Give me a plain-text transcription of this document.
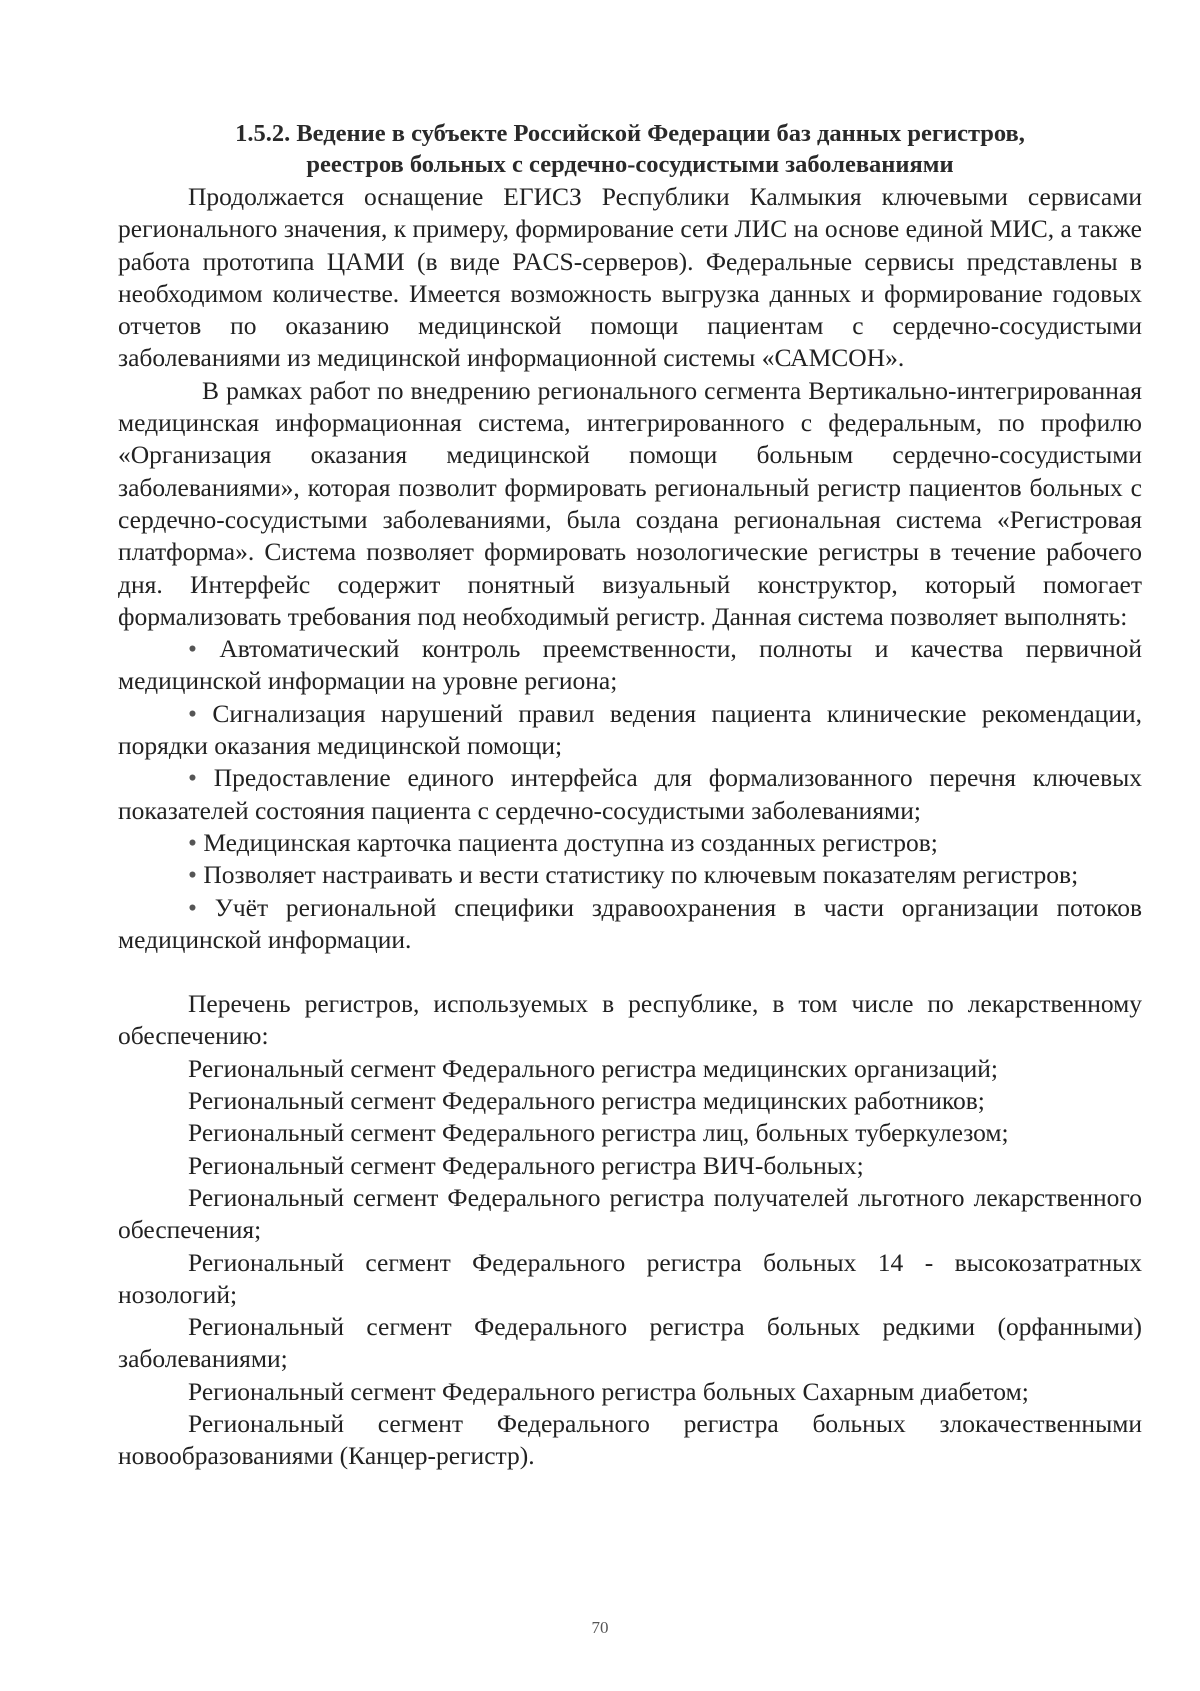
1.5.2. Ведение в субъекте Российской Федерации баз данных регистров,
реестров больных с сердечно-сосудистыми заболеваниями

Продолжается оснащение ЕГИСЗ Республики Калмыкия ключевыми сервисами регионального значения, к примеру, формирование сети ЛИС на основе единой МИС, а также работа прототипа ЦАМИ (в виде PACS-серверов). Федеральные сервисы представлены в необходимом количестве. Имеется возможность выгрузка данных и формирование годовых отчетов по оказанию медицинской помощи пациентам с сердечно-сосудистыми заболеваниями из медицинской информационной системы «САМСОН».

В рамках работ по внедрению регионального сегмента Вертикально-интегрированная медицинская информационная система, интегрированного с федеральным, по профилю «Организация оказания медицинской помощи больным сердечно-сосудистыми заболеваниями», которая позволит формировать региональный регистр пациентов больных с сердечно-сосудистыми заболеваниями, была создана региональная система «Регистровая платформа». Система позволяет формировать нозологические регистры в течение рабочего дня. Интерфейс содержит понятный визуальный конструктор, который помогает формализовать требования под необходимый регистр. Данная система позволяет выполнять:

• Автоматический контроль преемственности, полноты и качества первичной медицинской информации на уровне региона;

• Сигнализация нарушений правил ведения пациента клинические рекомендации, порядки оказания медицинской помощи;

• Предоставление единого интерфейса для формализованного перечня ключевых показателей состояния пациента с сердечно-сосудистыми заболеваниями;

• Медицинская карточка пациента доступна из созданных регистров;

• Позволяет настраивать и вести статистику по ключевым показателям регистров;

• Учёт региональной специфики здравоохранения в части организации потоков медицинской информации.

Перечень регистров, используемых в республике, в том числе по лекарственному обеспечению:

Региональный сегмент Федерального регистра медицинских организаций;

Региональный сегмент Федерального регистра медицинских работников;

Региональный сегмент Федерального регистра лиц, больных туберкулезом;

Региональный сегмент Федерального регистра ВИЧ-больных;

Региональный сегмент Федерального регистра получателей льготного лекарственного обеспечения;

Региональный сегмент Федерального регистра больных 14 - высокозатратных нозологий;

Региональный сегмент Федерального регистра больных редкими (орфанными) заболеваниями;

Региональный сегмент Федерального регистра больных Сахарным диабетом;

Региональный сегмент Федерального регистра больных злокачественными новообразованиями (Канцер-регистр).

70
